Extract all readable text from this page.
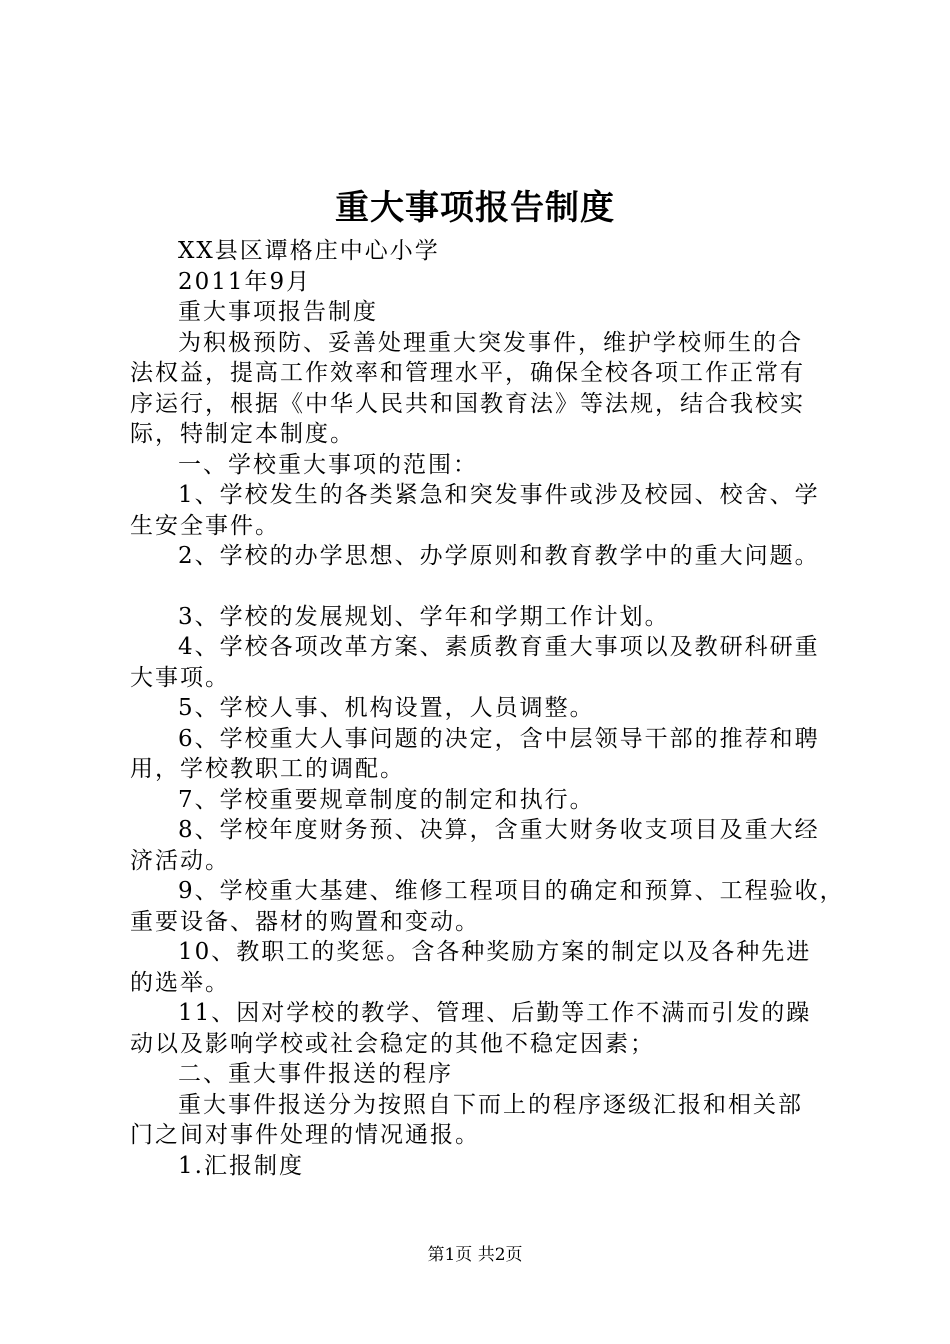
重大事项报告制度
XX县区谭格庄中心小学
2011年9月
重大事项报告制度
为积极预防、妥善处理重大突发事件，维护学校师生的合
法权益，提高工作效率和管理水平，确保全校各项工作正常有
序运行，根据《中华人民共和国教育法》等法规，结合我校实
际，特制定本制度。
一、学校重大事项的范围：
1、学校发生的各类紧急和突发事件或涉及校园、校舍、学
生安全事件。
2、学校的办学思想、办学原则和教育教学中的重大问题。
3、学校的发展规划、学年和学期工作计划。
4、学校各项改革方案、素质教育重大事项以及教研科研重
大事项。
5、学校人事、机构设置，人员调整。
6、学校重大人事问题的决定，含中层领导干部的推荐和聘
用，学校教职工的调配。
7、学校重要规章制度的制定和执行。
8、学校年度财务预、决算，含重大财务收支项目及重大经
济活动。
9、学校重大基建、维修工程项目的确定和预算、工程验收，
重要设备、器材的购置和变动。
10、教职工的奖惩。含各种奖励方案的制定以及各种先进
的选举。
11、因对学校的教学、管理、后勤等工作不满而引发的躁
动以及影响学校或社会稳定的其他不稳定因素；
二、重大事件报送的程序
重大事件报送分为按照自下而上的程序逐级汇报和相关部
门之间对事件处理的情况通报。
1.汇报制度
第1页 共2页
